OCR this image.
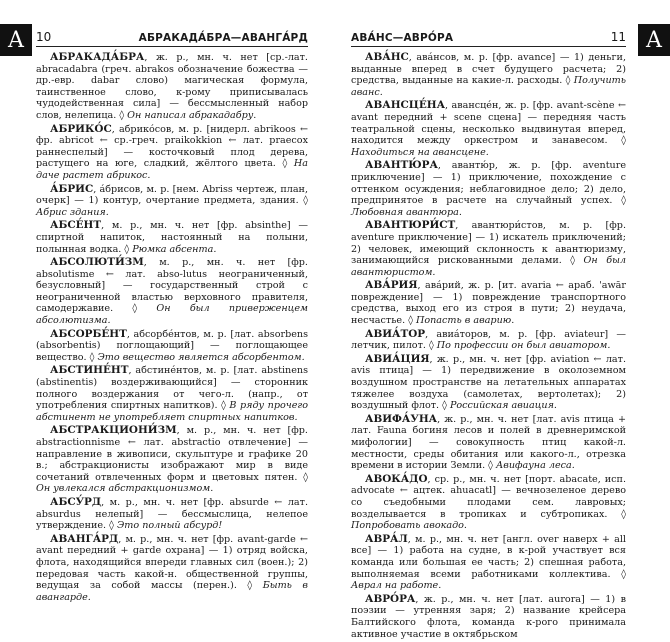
А 10	АБРАКАДА́БРА—АВАНГА́РД

АБРАКАДА́БРА, ж. р., мн. ч. нет [ср.-лат. abracadabra (греч. abrakos обозначение божества — др.-евр. dabar слово) магическая формула, таинственное слово, к-рому приписывалась чудодейственная сила] — бессмысленный набор слов, нелепица. ◊ Он написал абракадабру.

АБРИКО́С, абрико́сов, м. р. [нидерл. abrikoos ← фр. abricot ← ср.-греч. praikokkion ← лат. praecox раннеспелый] — косточковый плод дерева, растущего на юге, сладкий, жёлтого цвета. ◊ На даче растет абрикос.

А́БРИС, а́брисов, м. р. [нем. Abriss чертеж, план, очерк] — 1) контур, очертание предмета, здания. ◊ Абрис здания.

АБСЕ́НТ, м. р., мн. ч. нет [фр. absinthe] — спиртной напиток, настоянный на полыни, полынная водка. ◊ Рюмка абсента.

АБСОЛЮТИ́ЗМ, м. р., мн. ч. нет [фр. absolutisme ← лат. abso-lutus неограниченный, безусловный] — государственный строй с неограниченной властью верховного правителя, самодержавие. ◊ Он был приверженцем абсолютизма.

АБСОРБЕ́НТ, абсорбе́нтов, м. р. [лат. absorbens (absorbentis) поглощающий] — поглощающее вещество. ◊ Это вещество является абсорбентом.

АБСТИНЕ́НТ, абстине́нтов, м. р. [лат. abstinens (abstinentis) воздерживающийся] — сторонник полного воздержания от чего-л. (напр., от употребления спиртных напитков). ◊ В ряду прочего абстинент не употребляет спиртных напитков.

АБСТРАКЦИОНИ́ЗМ, м. р., мн. ч. нет [фр. abstractionnisme ← лат. abstractio отвлечение] — направление в живописи, скульптуре и графике 20 в.; абстракционисты изображают мир в виде сочетаний отвлеченных форм и цветовых пятен. ◊ Он увлекался абстракционизмом.

АБСУ́РД, м. р., мн. ч. нет [фр. absurde ← лат. absurdus нелепый] — бессмыслица, нелепое утверждение. ◊ Это полный абсурд!

АВАНГА́РД, м. р., мн. ч. нет [фр. avant-garde ← avant передний + garde охрана] — 1) отряд войска, флота, находящийся впереди главных сил (воен.); 2) передовая часть какой-н. общественной группы, ведущая за собой массы (перен.). ◊ Быть в авангарде.

А
АВА́НС—АВРО́РА	11

АВА́НС, ава́нсов, м. р. [фр. avance] — 1) деньги, выданные вперед в счет будущего расчета; 2) средства, выданные на какие-л. расходы. ◊ Получить аванс.

АВАНСЦЕ́НА, авансце́н, ж. р. [фр. avant-scène ← avant передний + scene сцена] — передняя часть театральной сцены, несколько выдвинутая вперед, находится между оркестром и занавесом. ◊ Находиться на авансцене.

АВАНТЮ́РА, авантю́р, ж. р. [фр. aventure приключение] — 1) приключение, похождение с оттенком осуждения; неблаговидное дело; 2) дело, предпринятое в расчете на случайный успех. ◊ Любовная авантюра.

АВАНТЮРИ́СТ, авантюри́стов, м. р. [фр. aventure приключение] — 1) искатель приключений; 2) человек, имеющий склонность к авантюризму, занимающийся рискованными делами. ◊ Он был авантюристом.

АВА́РИЯ, ава́рий, ж. р. [ит. avaria ← араб. 'awār повреждение] — 1) повреждение транспортного средства, выход его из строя в пути; 2) неудача, несчастье. ◊ Попасть в аварию.

АВИА́ТОР, авиа́торов, м. р. [фр. aviateur] — летчик, пилот. ◊ По профессии он был авиатором.

АВИА́ЦИЯ, ж. р., мн. ч. нет [фр. aviation ← лат. avis птица] — 1) передвижение в околоземном воздушном пространстве на летательных аппаратах тяжелее воздуха (самолетах, вертолетах); 2) воздушный флот. ◊ Российская авиация.

АВИФА́УНА, ж. р., мн. ч. нет [лат. avis птица + лат. Fauna богиня лесов и полей в древнеримской мифологии] — совокупность птиц какой-л. местности, среды обитания или какого-л., отрезка времени в истории Земли. ◊ Авифауна леса.

АВОКА́ДО, ср. р., мн. ч. нет [порт. abacate, исп. advocate ← ацтек. ahuacatl] — вечнозеленое дерево со съедобными плодами сем. лавровых; возделывается в тропиках и субтропиках. ◊ Попробовать авокадо.

АВРА́Л, м. р., мн. ч. нет [англ. over наверх + all все] — 1) работа на судне, в к-рой участвует вся команда или большая ее часть; 2) спешная работа, выполняемая всеми работниками коллектива. ◊ Аврал на работе.

АВРО́РА, ж. р., мн. ч. нет [лат. aurora] — 1) в поэзии — утренняя заря; 2) название крейсера Балтийского флота, команда к-рого принимала активное участие в октябрьском
